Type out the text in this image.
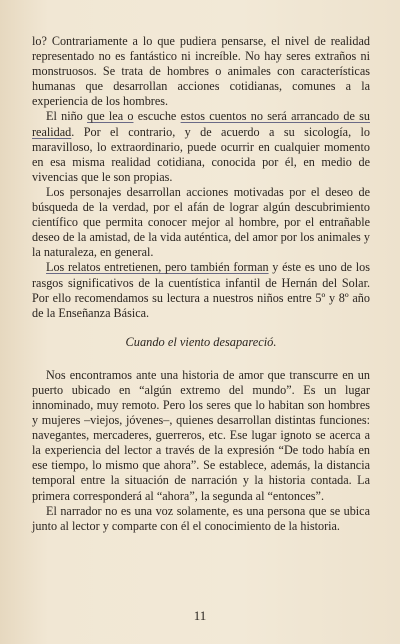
lo? Contrariamente a lo que pudiera pensarse, el nivel de realidad representado no es fantástico ni increíble. No hay seres extraños ni monstruosos. Se trata de hombres o animales con características humanas que desarrollan acciones cotidianas, comunes a la experiencia de los hombres.

El niño que lea o escuche estos cuentos no será arrancado de su realidad. Por el contrario, y de acuerdo a su sicología, lo maravilloso, lo extraordinario, puede ocurrir en cualquier momento en esa misma realidad cotidiana, conocida por él, en medio de vivencias que le son propias.

Los personajes desarrollan acciones motivadas por el deseo de búsqueda de la verdad, por el afán de lograr algún descubrimiento científico que permita conocer mejor al hombre, por el entrañable deseo de la amistad, de la vida auténtica, del amor por los animales y la naturaleza, en general.

Los relatos entretienen, pero también forman y éste es uno de los rasgos significativos de la cuentística infantil de Hernán del Solar. Por ello recomendamos su lectura a nuestros niños entre 5º y 8º año de la Enseñanza Básica.

Cuando el viento desapareció.

Nos encontramos ante una historia de amor que transcurre en un puerto ubicado en “algún extremo del mundo”. Es un lugar innominado, muy remoto. Pero los seres que lo habitan son hombres y mujeres –viejos, jóvenes–, quienes desarrollan distintas funciones: navegantes, mercaderes, guerreros, etc. Ese lugar ignoto se acerca a la experiencia del lector a través de la expresión “De todo había en ese tiempo, lo mismo que ahora”. Se establece, además, la distancia temporal entre la situación de narración y la historia contada. La primera corresponderá al “ahora”, la segunda al “entonces”.

El narrador no es una voz solamente, es una persona que se ubica junto al lector y comparte con él el conocimiento de la historia.

11
